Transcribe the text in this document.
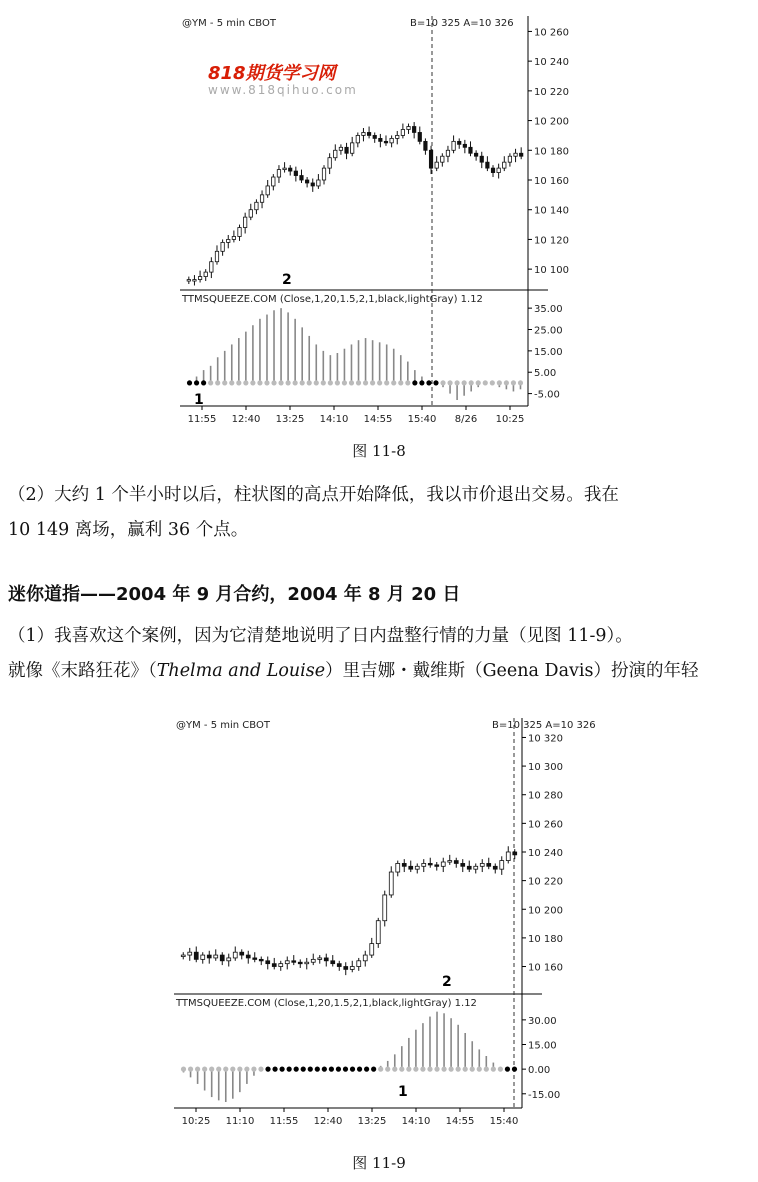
@YM - 5 min CBOT	B=10 325 A=10 326
10 260
10 240
10 220
10 200
10 180
10 160
10 140
10 120
10 100
TTMSQUEEZE.COM (Close,1,20,1.5,2,1,black,lightGray) 1.12
35.00
25.00
15.00
5.00
-5.00
1
2
11:55 12:40 13:25 14:10 14:55 15:40 8/26 10:25
818期货学习网
www.818qihuo.com
图 11-8
（2）大约 1 个半小时以后，柱状图的高点开始降低，我以市价退出交易。我在
10 149 离场，赢利 36 个点。
迷你道指——2004 年 9 月合约，2004 年 8 月 20 日
（1）我喜欢这个案例，因为它清楚地说明了日内盘整行情的力量（见图 11-9）。
就像《末路狂花》（Thelma and Louise）里吉娜・戴维斯（Geena Davis）扮演的年轻
@YM - 5 min CBOT	B=10 325 A=10 326
10 320
10 300
10 280
10 260
10 240
10 220
10 200
10 180
10 160
TTMSQUEEZE.COM (Close,1,20,1.5,2,1,black,lightGray) 1.12
30.00
15.00
0.00
-15.00
1
2
10:25 11:10 11:55 12:40 13:25 14:10 14:55 15:40
图 11-9
